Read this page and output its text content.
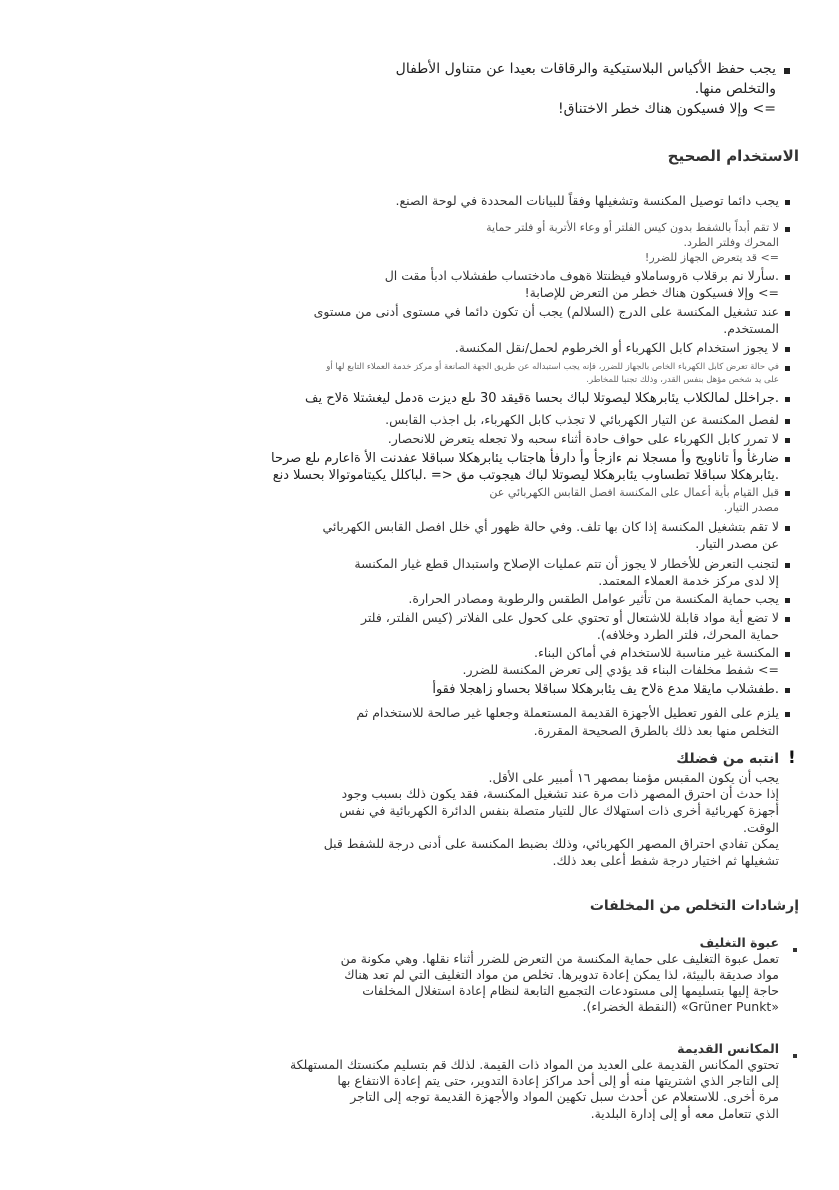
يجب حفظ الأكياس البلاستيكية والرقاقات بعيدا عن متناول الأطفال
والتخلص منها.
=> وإلا فسيكون هناك خطر الاختناق!
الاستخدام الصحيح
يجب دائما توصيل المكنسة وتشغيلها وفقاً للبيانات المحددة في لوحة الصنع.
لا تقم أبداً بالشفط بدون كيس الفلتر أو وعاء الأتربة أو فلتر حماية
المحرك وفلتر الطرد.
=> قد يتعرض الجهاز للضرر!
.سأرلا نم برقلاب ةروساملاو فيظنتلا ةهوف مادختساب طفشلاب ادبأ مقت ال
=> وإلا فسيكون هناك خطر من التعرض للإصابة!
عند تشغيل المكنسة على الدرج (السلالم) يجب أن تكون دائما في مستوى أدنى من مستوى
المستخدم.
لا يجوز استخدام كابل الكهرباء أو الخرطوم لحمل/نقل المكنسة.
في حالة تعرض كابل الكهرباء الخاص بالجهاز للضرر، فإنه يجب استبداله عن طريق الجهة الصانعة أو مركز خدمة العملاء التابع لها أو
على يد شخص مؤهل بنفس القدر، وذلك تجنبا للمخاطر.
.جراخلل لمالكلاب يئابرهكلا ليصوتلا لباك بحسا ةقيقد 30 ىلع ديزت ةدمل ليغشتلا ةلاح يف
لفصل المكنسة عن التيار الكهربائي لا تجذب كابل الكهرباء، بل اجذب القابس.
لا تمرر كابل الكهرباء على حواف حادة أثناء سحبه ولا تجعله يتعرض للانحصار.
ضارغأ وأ تاناويح وأ مسجلا نم ءازجأ وأ دارفأ هاجتاب يئابرهكلا سباقلا عفدنت الأ ةاعارم ىلع صرحا
.يئابرهكلا سباقلا تطساوب يئابرهكلا ليصوتلا لباك هيجوتب مق <= .لباكلل يكيتاموتوالا بحسلا دنع
قبل القيام بأية أعمال على المكنسة افصل القابس الكهربائي عن
مصدر التيار.
لا تقم بتشغيل المكنسة إذا كان بها تلف. وفي حالة ظهور أي خلل افصل القابس الكهربائي
عن مصدر التيار.
لتجنب التعرض للأخطار لا يجوز أن تتم عمليات الإصلاح واستبدال قطع غيار المكنسة
إلا لدى مركز خدمة العملاء المعتمد.
يجب حماية المكنسة من تأثير عوامل الطقس والرطوبة ومصادر الحرارة.
لا تضع أية مواد قابلة للاشتعال أو تحتوي على كحول على الفلاتر (كيس الفلتر، فلتر
حماية المحرك، فلتر الطرد وخلافه).
المكنسة غير مناسبة للاستخدام في أماكن البناء.
=> شفط مخلفات البناء قد يؤدي إلى تعرض المكنسة للضرر.
.طفشلاب مايقلا مدع ةلاح يف يئابرهكلا سباقلا بحساو زاهجلا فقوأ
يلزم على الفور تعطيل الأجهزة القديمة المستعملة وجعلها غير صالحة للاستخدام ثم
التخلص منها بعد ذلك بالطرق الصحيحة المقررة.
!
انتبه من فضلك
يجب أن يكون المقبس مؤمنا بمصهر ١٦ أمبير على الأقل.
إذا حدث أن احترق المصهر ذات مرة عند تشغيل المكنسة، فقد يكون ذلك بسبب وجود
أجهزة كهربائية أخرى ذات استهلاك عال للتيار متصلة بنفس الدائرة الكهربائية في نفس
الوقت.
يمكن تفادي احتراق المصهر الكهربائي، وذلك بضبط المكنسة على أدنى درجة للشفط قبل
تشغيلها ثم اختيار درجة شفط أعلى بعد ذلك.
إرشادات التخلص من المخلفات
عبوة التغليف
تعمل عبوة التغليف على حماية المكنسة من التعرض للضرر أثناء نقلها. وهي مكونة من
مواد صديقة بالبيئة، لذا يمكن إعادة تدويرها. تخلص من مواد التغليف التي لم تعد هناك
حاجة إليها بتسليمها إلى مستودعات التجميع التابعة لنظام إعادة استغلال المخلفات
«Grüner Punkt» (النقطة الخضراء).
المكانس القديمة
تحتوي المكانس القديمة على العديد من المواد ذات القيمة. لذلك قم بتسليم مكنستك المستهلكة
إلى التاجر الذي اشتريتها منه أو إلى أحد مراكز إعادة التدوير، حتى يتم إعادة الانتفاع بها
مرة أخرى. للاستعلام عن أحدث سبل تكهين المواد والأجهزة القديمة توجه إلى التاجر
الذي تتعامل معه أو إلى إدارة البلدية.
